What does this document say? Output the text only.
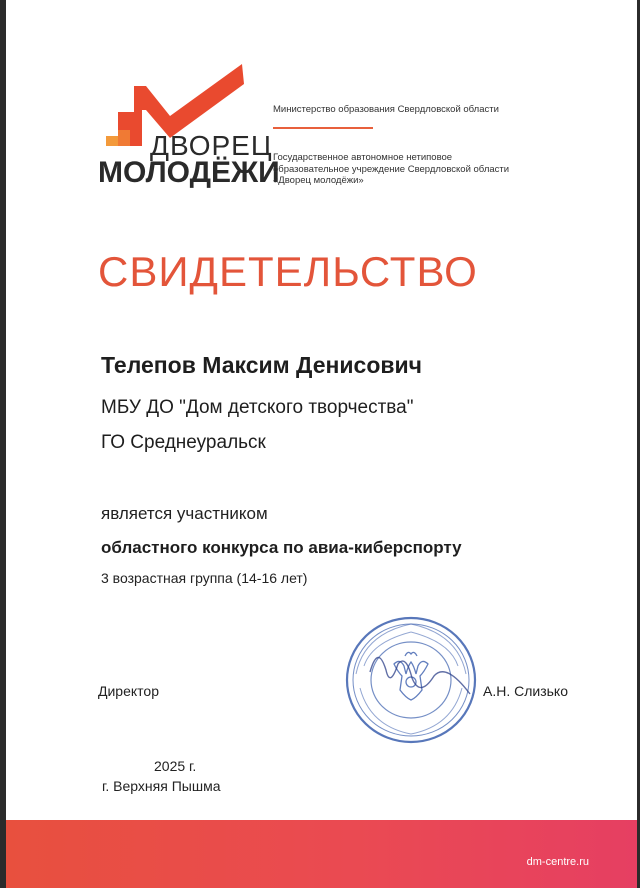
ДВОРЕЦ
МОЛОДЁЖИ
Министерство образования Свердловской области
Государственное автономное нетиповое
образовательное учреждение Свердловской области
«Дворец молодёжи»
СВИДЕТЕЛЬСТВО
Телепов Максим Денисович
МБУ ДО "Дом детского творчества"
ГО Среднеуральск
является участником
областного конкурса по авиа-киберспорту
3 возрастная группа (14-16 лет)
Директор	А.Н. Слизько
2025 г.
г. Верхняя Пышма
dm-centre.ru
